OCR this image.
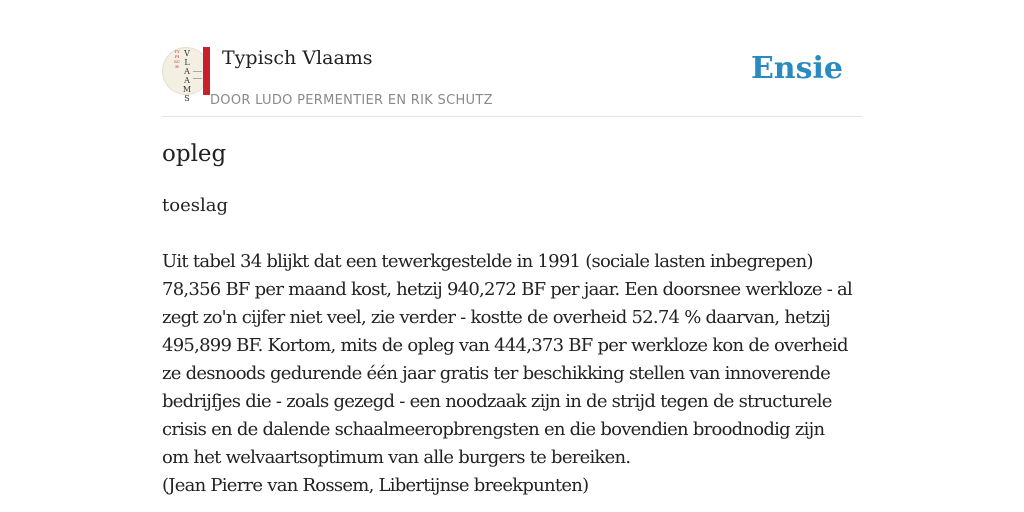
TYPISCH
VLAAMS
Typisch Vlaams
DOOR LUDO PERMENTIER EN RIK SCHUTZ
Ensie
opleg
toeslag
Uit tabel 34 blijkt dat een tewerkgestelde in 1991 (sociale lasten inbegrepen)
78,356 BF per maand kost, hetzij 940,272 BF per jaar. Een doorsnee werkloze - al
zegt zo'n cijfer niet veel, zie verder - kostte de overheid 52.74 % daarvan, hetzij
495,899 BF. Kortom, mits de opleg van 444,373 BF per werkloze kon de overheid
ze desnoods gedurende één jaar gratis ter beschikking stellen van innoverende
bedrijfjes die - zoals gezegd - een noodzaak zijn in de strijd tegen de structurele
crisis en de dalende schaalmeeropbrengsten en die bovendien broodnodig zijn
om het welvaartsoptimum van alle burgers te bereiken.
(Jean Pierre van Rossem, Libertijnse breekpunten)
